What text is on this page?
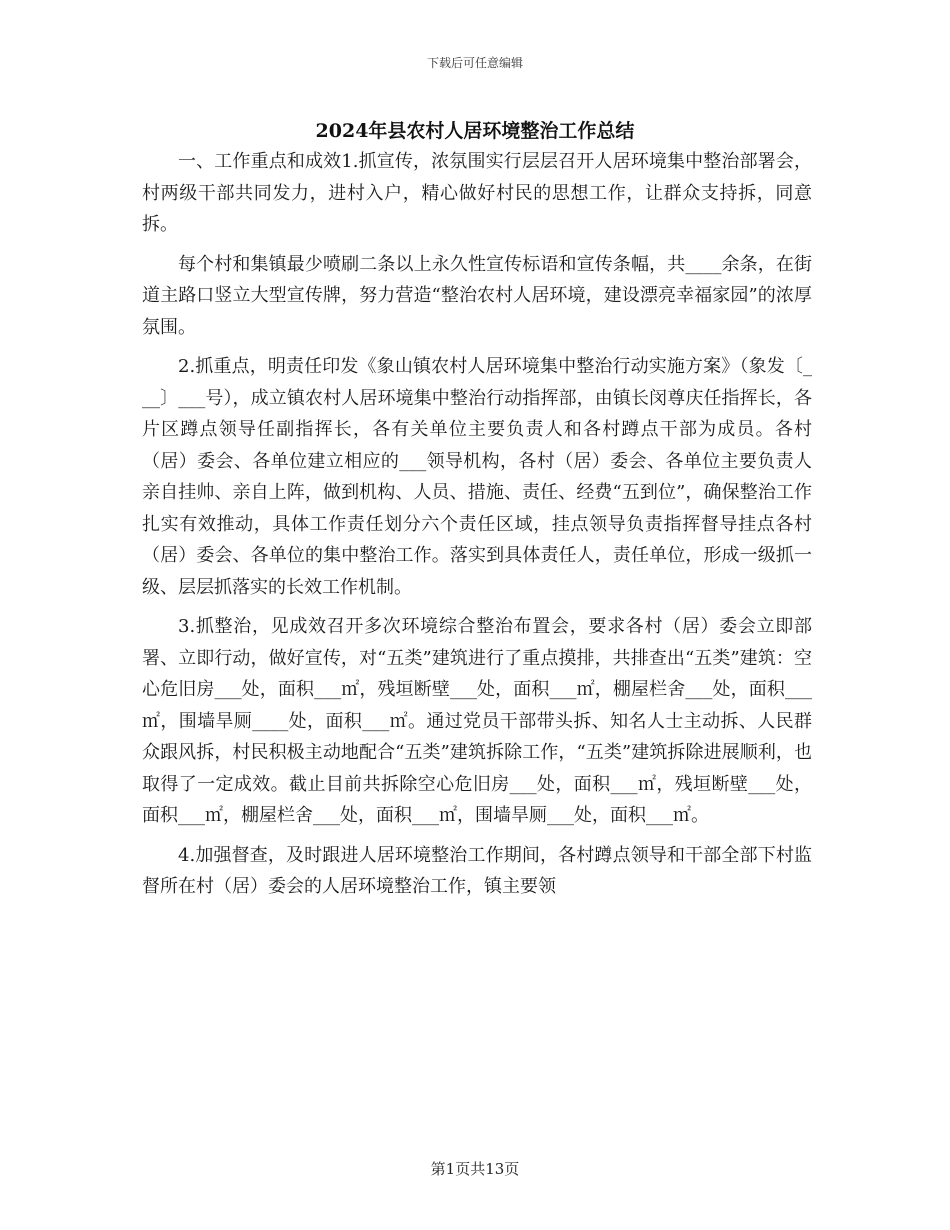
下载后可任意编辑
2024年县农村人居环境整治工作总结

一、工作重点和成效1.抓宣传，浓氛围实行层层召开人居环境集中整治部署会，村两级干部共同发力，进村入户，精心做好村民的思想工作，让群众支持拆，同意拆。

每个村和集镇最少喷刷二条以上永久性宣传标语和宣传条幅，共____余条，在街道主路口竖立大型宣传牌，努力营造“整治农村人居环境，建设漂亮幸福家园”的浓厚氛围。

2.抓重点，明责任印发《象山镇农村人居环境集中整治行动实施方案》（象发〔___〕___号），成立镇农村人居环境集中整治行动指挥部，由镇长闵尊庆任指挥长，各片区蹲点领导任副指挥长，各有关单位主要负责人和各村蹲点干部为成员。各村（居）委会、各单位建立相应的___领导机构，各村（居）委会、各单位主要负责人亲自挂帅、亲自上阵，做到机构、人员、措施、责任、经费“五到位”，确保整治工作扎实有效推动，具体工作责任划分六个责任区域，挂点领导负责指挥督导挂点各村（居）委会、各单位的集中整治工作。落实到具体责任人，责任单位，形成一级抓一级、层层抓落实的长效工作机制。

3.抓整治，见成效召开多次环境综合整治布置会，要求各村（居）委会立即部署、立即行动，做好宣传，对“五类”建筑进行了重点摸排，共排查出“五类”建筑：空心危旧房___处，面积___㎡，残垣断壁___处，面积___㎡，棚屋栏舍___处，面积___㎡，围墙旱厕____处，面积___㎡。通过党员干部带头拆、知名人士主动拆、人民群众跟风拆，村民积极主动地配合“五类”建筑拆除工作，“五类”建筑拆除进展顺利，也取得了一定成效。截止目前共拆除空心危旧房___处，面积___㎡，残垣断壁___处，面积___㎡，棚屋栏舍___处，面积___㎡，围墙旱厕___处，面积___㎡。

4.加强督查，及时跟进人居环境整治工作期间，各村蹲点领导和干部全部下村监督所在村（居）委会的人居环境整治工作，镇主要领

第1页共13页
